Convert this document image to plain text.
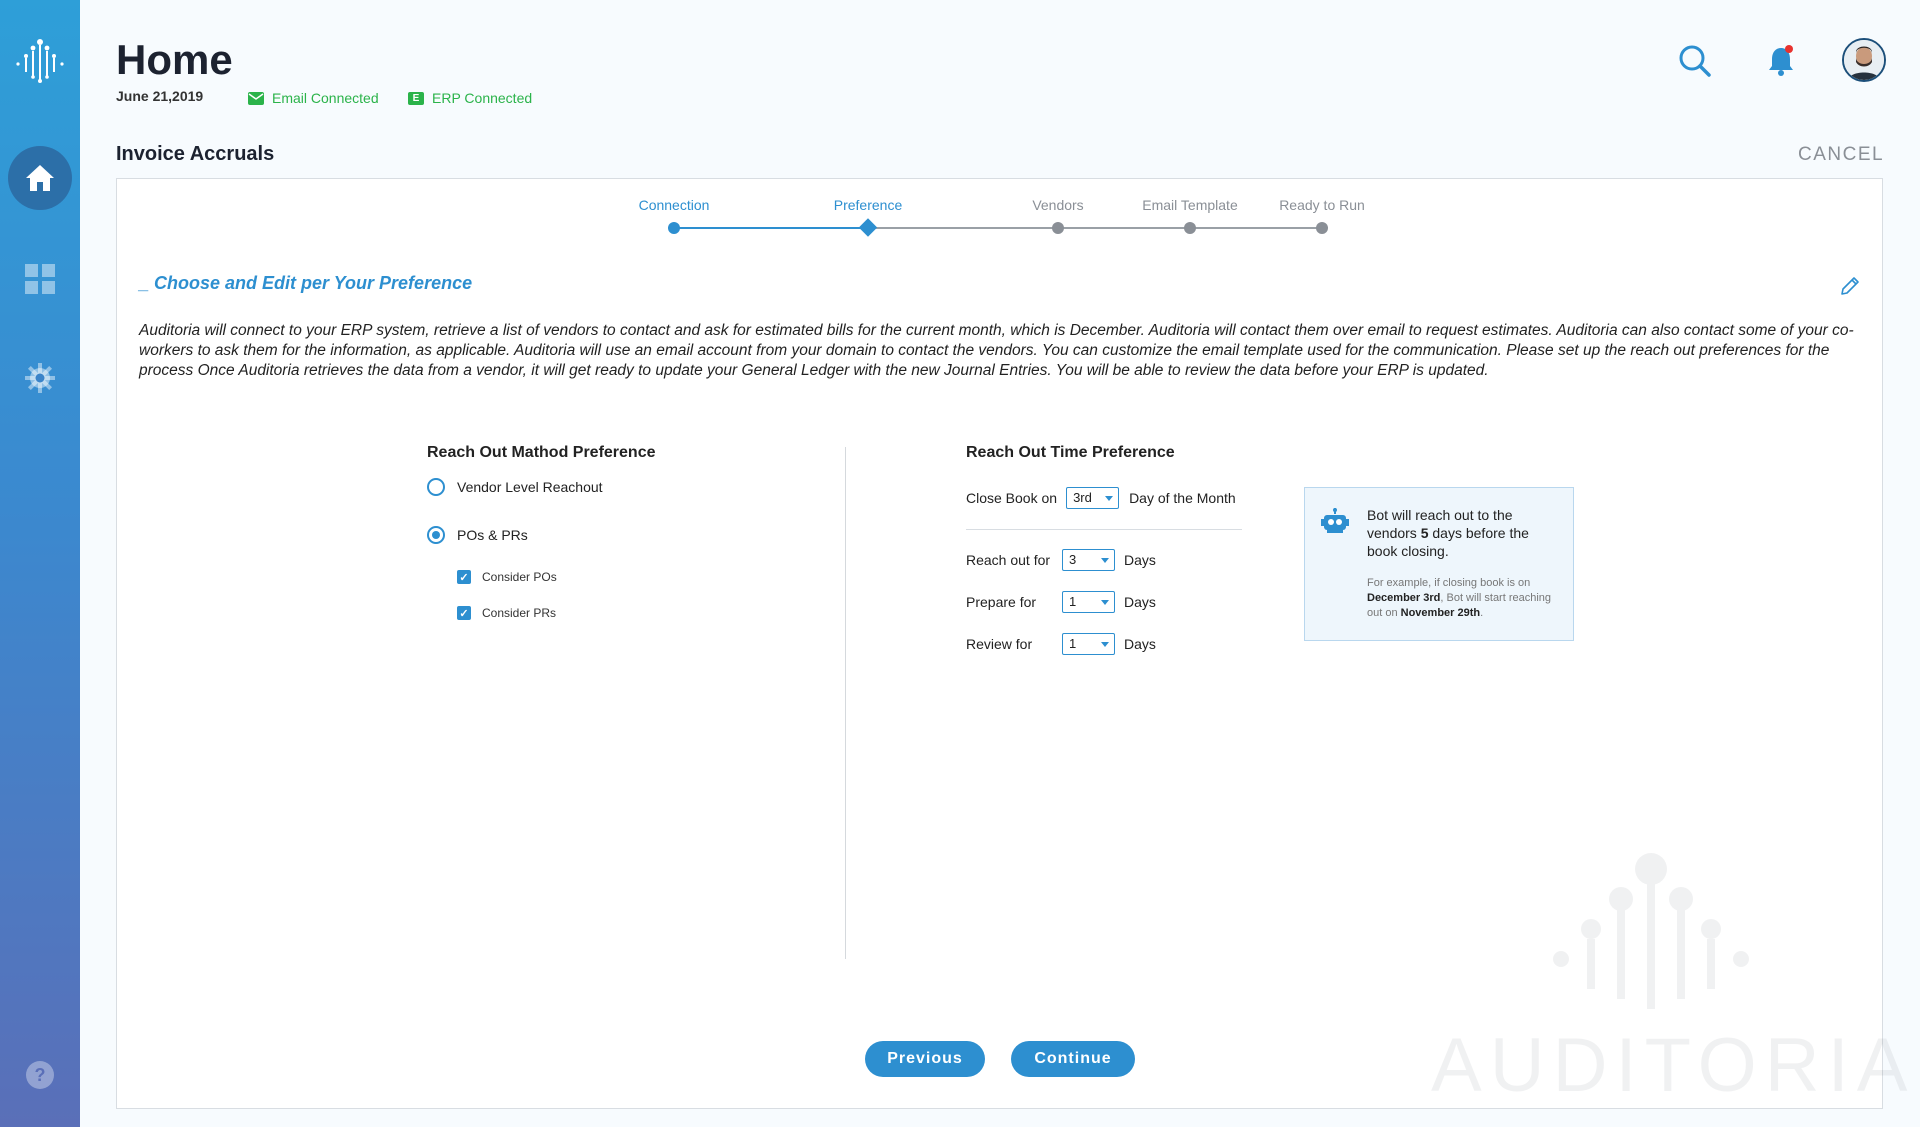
?
Home
June 21,2019	Email Connected	E ERP Connected
Invoice Accruals	CANCEL
Connection	Preference	Vendors	Email Template	Ready to Run
_ Choose and Edit per Your Preference

Auditoria will connect to your ERP system, retrieve a list of vendors to contact and ask for estimated bills for the current month, which is December. Auditoria will contact them over email to request estimates. Auditoria can also contact some of your co-workers to ask them for the information, as applicable. Auditoria will use an email account from your domain to contact the vendors. You can customize the email template used for the communication. Please set up the reach out preferences for the process Once Auditoria retrieves the data from a vendor, it will get ready to update your General Ledger with the new Journal Entries. You will be able to review the data before your ERP is updated.

Reach Out Mathod Preference
Vendor Level Reachout
POs & PRs
✓ Consider POs
✓ Consider PRs
Reach Out Time Preference
Close Book on	3rd	Day of the Month
Reach out for	3	Days
Prepare for	1	Days
Review for	1	Days
Bot will reach out to the vendors 5 days before the book closing.
For example, if closing book is on December 3rd, Bot will start reaching out on November 29th.
AUDITORIA
Previous	Continue
